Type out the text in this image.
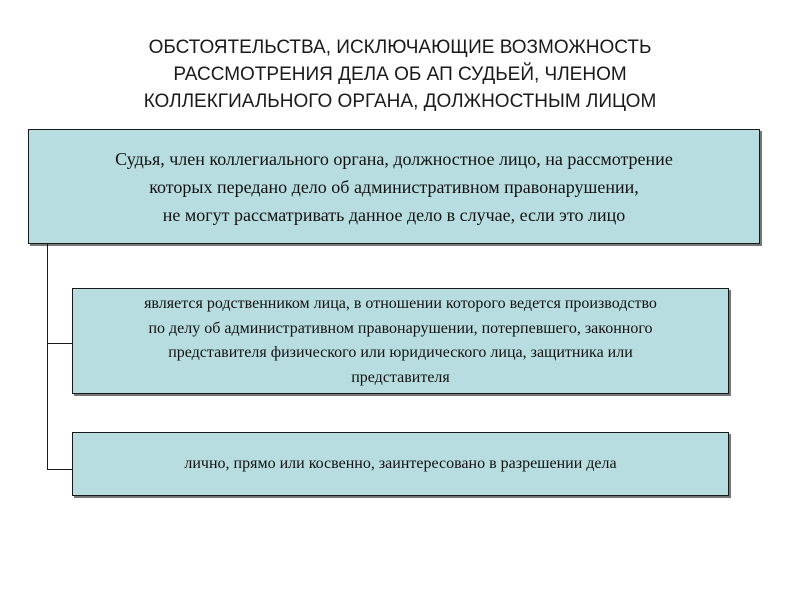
ОБСТОЯТЕЛЬСТВА, ИСКЛЮЧАЮЩИЕ ВОЗМОЖНОСТЬ
РАССМОТРЕНИЯ ДЕЛА ОБ АП СУДЬЕЙ, ЧЛЕНОМ
КОЛЛЕКГИАЛЬНОГО ОРГАНА, ДОЛЖНОСТНЫМ ЛИЦОМ
Судья, член коллегиального органа, должностное лицо, на рассмотрение
которых передано дело об административном правонарушении,
не могут рассматривать данное дело в случае, если это лицо
является родственником лица, в отношении которого ведется производство
по делу об административном правонарушении, потерпевшего, законного
представителя физического или юридического лица, защитника или
представителя
лично, прямо или косвенно, заинтересовано в разрешении дела
